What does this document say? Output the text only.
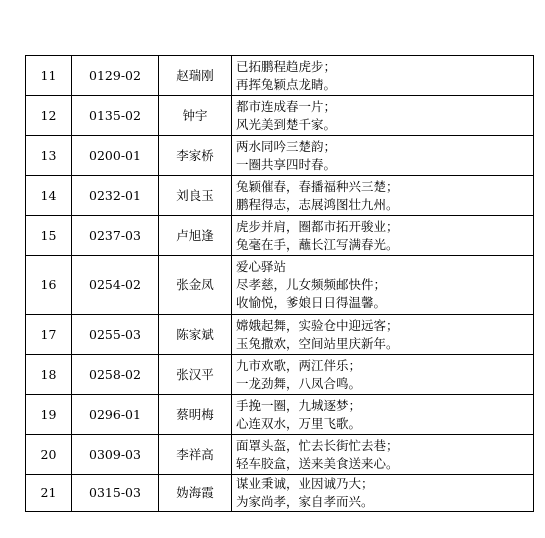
11	0129-02	赵瑞刚	已拓鹏程趋虎步；
再挥兔颖点龙睛。

12	0135-02	钟宇	都市连成春一片；
风光美到楚千家。

13	0200-01	李家桥	两水同吟三楚韵；
一圈共享四时春。

14	0232-01	刘良玉	兔颖催春，春播福种兴三楚；
鹏程得志，志展鸿图壮九州。

15	0237-03	卢旭逢	虎步并肩，圈都市拓开骏业；
兔毫在手，蘸长江写满春光。

16	0254-02	张金凤	爱心驿站
尽孝慈，儿女频频邮快件；
收愉悦，爹娘日日得温馨。

17	0255-03	陈家斌	嫦娥起舞，实验仓中迎远客；
玉兔撒欢，空间站里庆新年。

18	0258-02	张汉平	九市欢歌，两江伴乐；
一龙劲舞，八凤合鸣。

19	0296-01	蔡明梅	手挽一圈，九城逐梦；
心连双水，万里飞歌。

20	0309-03	李祥高	面罩头盔，忙去长街忙去巷；
轻车胶盒，送来美食送来心。

21	0315-03	妫海霞	谋业秉诚，业因诚乃大；
为家尚孝，家自孝而兴。
